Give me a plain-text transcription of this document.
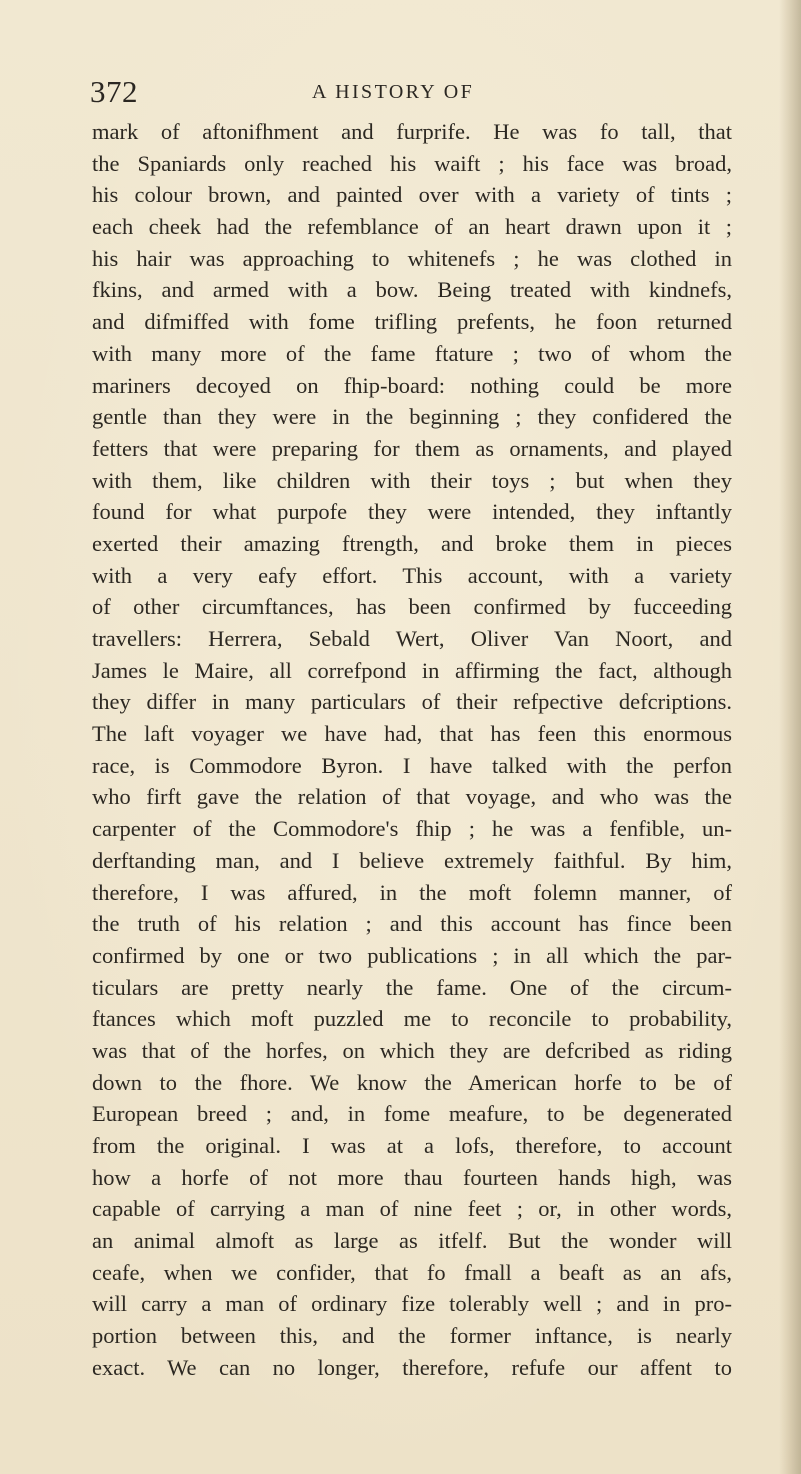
372	A HISTORY OF
mark of aftonifhment and furprife. He was fo tall, that
the Spaniards only reached his waift ; his face was broad,
his colour brown, and painted over with a variety of tints ;
each cheek had the refemblance of an heart drawn upon it ;
his hair was approaching to whitenefs ; he was clothed in
fkins, and armed with a bow. Being treated with kindnefs,
and difmiffed with fome trifling prefents, he foon returned
with many more of the fame ftature ; two of whom the
mariners decoyed on fhip-board: nothing could be more
gentle than they were in the beginning ; they confidered the
fetters that were preparing for them as ornaments, and played
with them, like children with their toys ; but when they
found for what purpofe they were intended, they inftantly
exerted their amazing ftrength, and broke them in pieces
with a very eafy effort. This account, with a variety
of other circumftances, has been confirmed by fucceeding
travellers: Herrera, Sebald Wert, Oliver Van Noort, and
James le Maire, all correfpond in affirming the fact, although
they differ in many particulars of their refpective defcriptions.
The laft voyager we have had, that has feen this enormous
race, is Commodore Byron. I have talked with the perfon
who firft gave the relation of that voyage, and who was the
carpenter of the Commodore's fhip ; he was a fenfible, un-
derftanding man, and I believe extremely faithful. By him,
therefore, I was affured, in the moft folemn manner, of
the truth of his relation ; and this account has fince been
confirmed by one or two publications ; in all which the par-
ticulars are pretty nearly the fame. One of the circum-
ftances which moft puzzled me to reconcile to probability,
was that of the horfes, on which they are defcribed as riding
down to the fhore. We know the American horfe to be of
European breed ; and, in fome meafure, to be degenerated
from the original. I was at a lofs, therefore, to account
how a horfe of not more thau fourteen hands high, was
capable of carrying a man of nine feet ; or, in other words,
an animal almoft as large as itfelf. But the wonder will
ceafe, when we confider, that fo fmall a beaft as an afs,
will carry a man of ordinary fize tolerably well ; and in pro-
portion between this, and the former inftance, is nearly
exact. We can no longer, therefore, refufe our affent to
